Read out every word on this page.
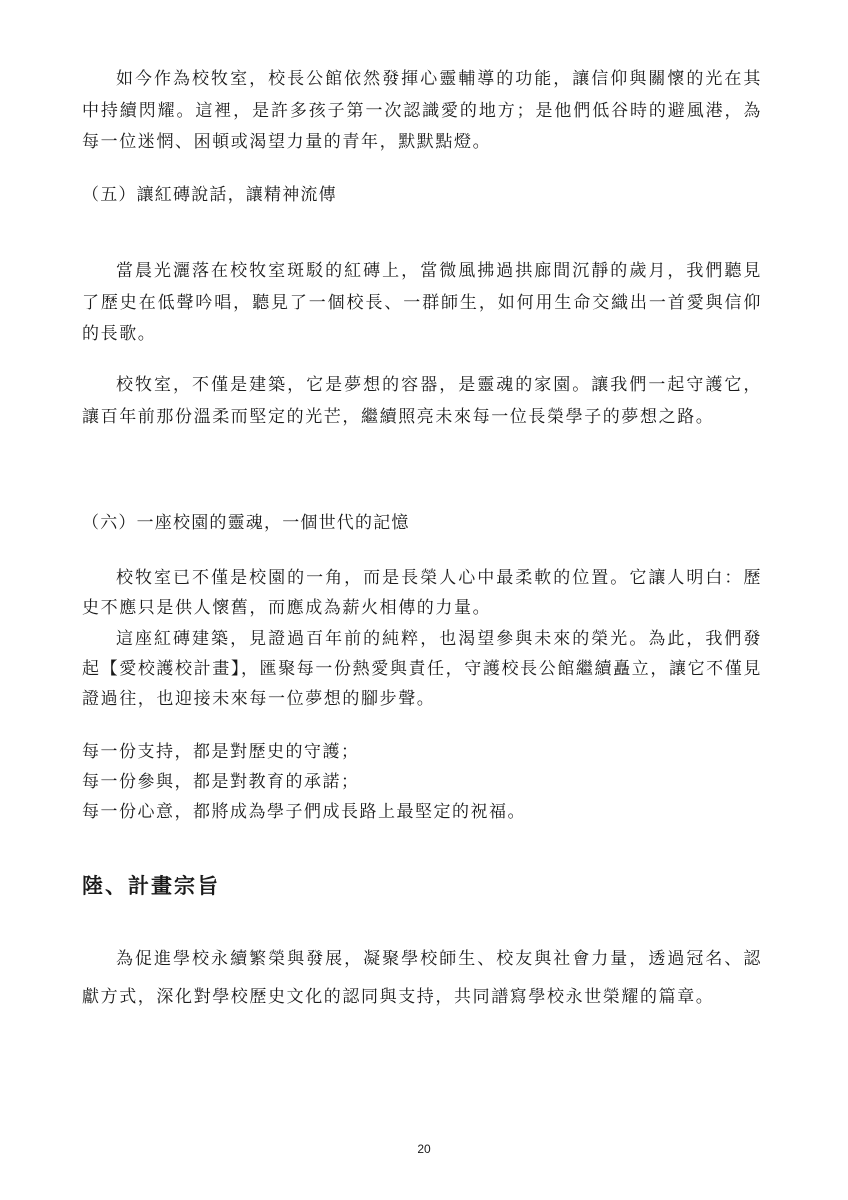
如今作為校牧室，校長公館依然發揮心靈輔導的功能，讓信仰與關懷的光在其中持續閃耀。這裡，是許多孩子第一次認識愛的地方；是他們低谷時的避風港，為每一位迷惘、困頓或渴望力量的青年，默默點燈。

（五）讓紅磚說話，讓精神流傳

當晨光灑落在校牧室斑駁的紅磚上，當微風拂過拱廊間沉靜的歲月，我們聽見了歷史在低聲吟唱，聽見了一個校長、一群師生，如何用生命交織出一首愛與信仰的長歌。

校牧室，不僅是建築，它是夢想的容器，是靈魂的家園。讓我們一起守護它，讓百年前那份溫柔而堅定的光芒，繼續照亮未來每一位長榮學子的夢想之路。

（六）一座校園的靈魂，一個世代的記憶

校牧室已不僅是校園的一角，而是長榮人心中最柔軟的位置。它讓人明白：歷史不應只是供人懷舊，而應成為薪火相傳的力量。

這座紅磚建築，見證過百年前的純粹，也渴望參與未來的榮光。為此，我們發起【愛校護校計畫】，匯聚每一份熱愛與責任，守護校長公館繼續矗立，讓它不僅見證過往，也迎接未來每一位夢想的腳步聲。

每一份支持，都是對歷史的守護；
每一份參與，都是對教育的承諾；
每一份心意，都將成為學子們成長路上最堅定的祝福。
陸、計畫宗旨

為促進學校永續繁榮與發展，凝聚學校師生、校友與社會力量，透過冠名、認獻方式，深化對學校歷史文化的認同與支持，共同譜寫學校永世榮耀的篇章。

20
